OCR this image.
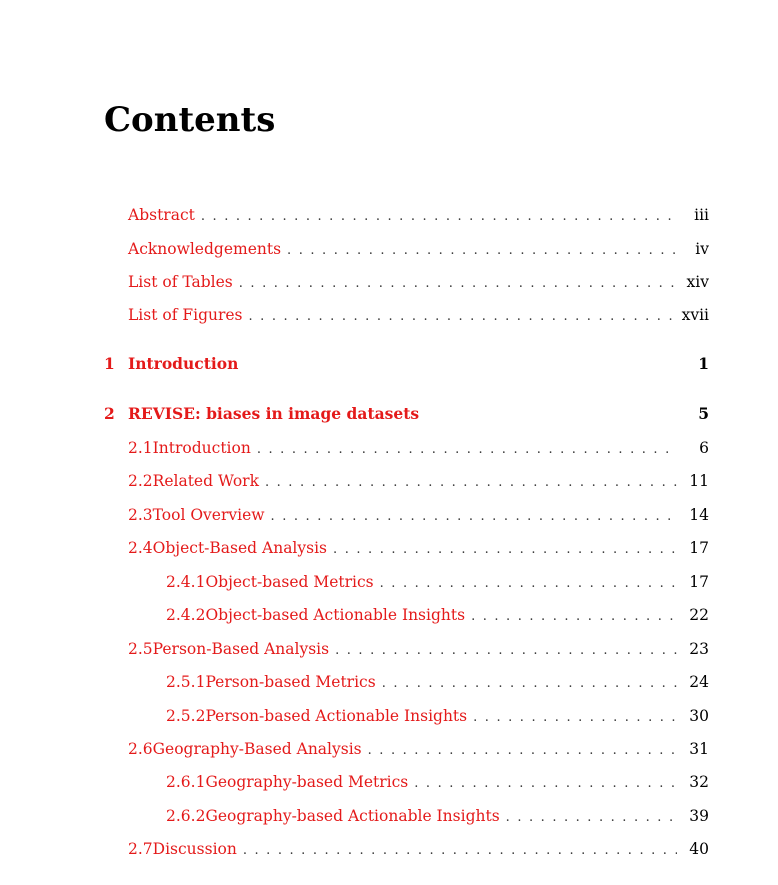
Contents
Abstract . . .	iii
Acknowledgements . . .	iv
List of Tables . . .	xiv
List of Figures . . .	xvii
1 Introduction	1
2 REVISE: biases in image datasets	5
2.1 Introduction . . .	6
2.2 Related Work . . .	11
2.3 Tool Overview . . .	14
2.4 Object-Based Analysis . . .	17
2.4.1 Object-based Metrics . . .	17
2.4.2 Object-based Actionable Insights . . .	22
2.5 Person-Based Analysis . . .	23
2.5.1 Person-based Metrics . . .	24
2.5.2 Person-based Actionable Insights . . .	30
2.6 Geography-Based Analysis . . .	31
2.6.1 Geography-based Metrics . . .	32
2.6.2 Geography-based Actionable Insights . . .	39
2.7 Discussion . . .	40
